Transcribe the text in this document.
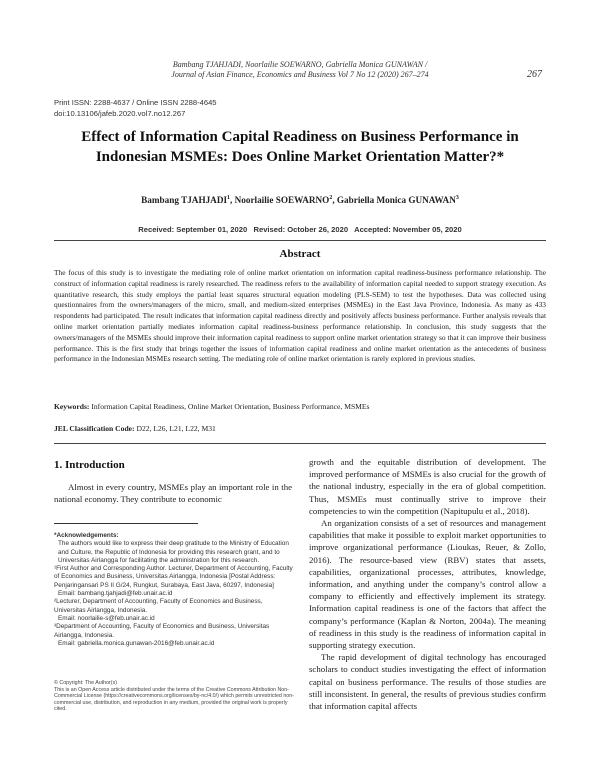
Bambang TJAHJADI, Noorlailie SOEWARNO, Gabriella Monica GUNAWAN /
Journal of Asian Finance, Economics and Business Vol 7 No 12 (2020) 267–274	267
Print ISSN: 2288-4637 / Online ISSN 2288-4645
doi:10.13106/jafeb.2020.vol7.no12.267
Effect of Information Capital Readiness on Business Performance in
Indonesian MSMEs: Does Online Market Orientation Matter?*
Bambang TJAHJADI$^1$, Noorlailie SOEWARNO$^2$, Gabriella Monica GUNAWAN$^3$
Received: September 01, 2020   Revised: October 26, 2020   Accepted: November 05, 2020
Abstract
The focus of this study is to investigate the mediating role of online market orientation on information capital readiness-business performance relationship. The construct of information capital readiness is rarely researched. The readiness refers to the availability of information capital needed to support strategy execution. As quantitative research, this study employs the partial least squares structural equation modeling (PLS-SEM) to test the hypotheses. Data was collected using questionnaires from the owners/managers of the micro, small, and medium-sized enterprises (MSMEs) in the East Java Province, Indonesia. As many as 433 respondents had participated. The result indicates that information capital readiness directly and positively affects business performance. Further analysis reveals that online market orientation partially mediates information capital readiness-business performance relationship. In conclusion, this study suggests that the owners/managers of the MSMEs should improve their information capital readiness to support online market orientation strategy so that it can improve their business performance. This is the first study that brings together the issues of information capital readiness and online market orientation as the antecedents of business performance in the Indonesian MSMEs research setting. The mediating role of online market orientation is rarely explored in previous studies.
Keywords: Information Capital Readiness, Online Market Orientation, Business Performance, MSMEs
JEL Classification Code: D22, L26, L21, L22, M31
1. Introduction
Almost in every country, MSMEs play an important role in the national economy. They contribute to economic
*Acknowledgements:
The authors would like to express their deep gratitude to the Ministry of Education and Culture, the Republic of Indonesia for providing this research grant, and to Universitas Airlangga for facilitating the administration for this research.
¹First Author and Corresponding Author. Lecturer, Department of Accounting, Faculty of Economics and Business, Universitas Airlangga, Indonesia [Postal Address: Penjaringansari PS II G/24, Rungkut, Surabaya, East Java, 60297, Indonesia]
Email: bambang.tjahjadi@feb.unair.ac.id
²Lecturer, Department of Accounting, Faculty of Economics and Business, Universitas Airlangga, Indonesia.
Email: noorlailie-s@feb.unair.ac.id
³Department of Accounting, Faculty of Economics and Business, Universitas Airlangga, Indonesia.
Email: gabriella.monica.gunawan-2016@feb.unair.ac.id
© Copyright: The Author(s)
This is an Open Access article distributed under the terms of the Creative Commons Attribution Non-Commercial License (https://creativecommons.org/licenses/by-nc/4.0/) which permits unrestricted non-commercial use, distribution, and reproduction in any medium, provided the original work is properly cited.

growth and the equitable distribution of development. The improved performance of MSMEs is also crucial for the growth of the national industry, especially in the era of global competition. Thus, MSMEs must continually strive to improve their competencies to win the competition (Napitupulu et al., 2018).

An organization consists of a set of resources and management capabilities that make it possible to exploit market opportunities to improve organizational performance (Lioukas, Reuer, & Zollo, 2016). The resource-based view (RBV) states that assets, capabilities, organizational processes, attributes, knowledge, information, and anything under the company’s control allow a company to efficiently and effectively implement its strategy. Information capital readiness is one of the factors that affect the company’s performance (Kaplan & Norton, 2004a). The meaning of readiness in this study is the readiness of information capital in supporting strategy execution.

The rapid development of digital technology has encouraged scholars to conduct studies investigating the effect of information capital on business performance. The results of those studies are still inconsistent. In general, the results of previous studies confirm that information capital affects
